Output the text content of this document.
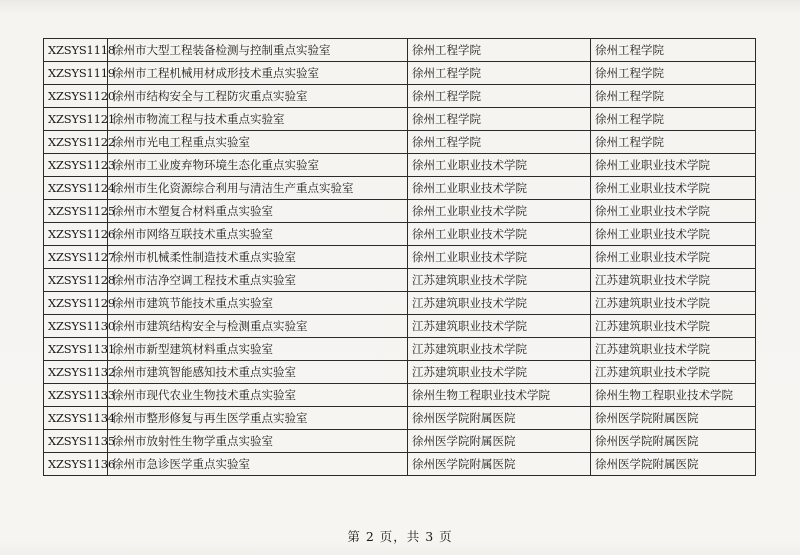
XZSYS1118	徐州市大型工程装备检测与控制重点实验室	徐州工程学院	徐州工程学院
XZSYS1119	徐州市工程机械用材成形技术重点实验室	徐州工程学院	徐州工程学院
XZSYS1120	徐州市结构安全与工程防灾重点实验室	徐州工程学院	徐州工程学院
XZSYS1121	徐州市物流工程与技术重点实验室	徐州工程学院	徐州工程学院
XZSYS1122	徐州市光电工程重点实验室	徐州工程学院	徐州工程学院
XZSYS1123	徐州市工业废弃物环境生态化重点实验室	徐州工业职业技术学院	徐州工业职业技术学院
XZSYS1124	徐州市生化资源综合利用与清洁生产重点实验室	徐州工业职业技术学院	徐州工业职业技术学院
XZSYS1125	徐州市木塑复合材料重点实验室	徐州工业职业技术学院	徐州工业职业技术学院
XZSYS1126	徐州市网络互联技术重点实验室	徐州工业职业技术学院	徐州工业职业技术学院
XZSYS1127	徐州市机械柔性制造技术重点实验室	徐州工业职业技术学院	徐州工业职业技术学院
XZSYS1128	徐州市洁净空调工程技术重点实验室	江苏建筑职业技术学院	江苏建筑职业技术学院
XZSYS1129	徐州市建筑节能技术重点实验室	江苏建筑职业技术学院	江苏建筑职业技术学院
XZSYS1130	徐州市建筑结构安全与检测重点实验室	江苏建筑职业技术学院	江苏建筑职业技术学院
XZSYS1131	徐州市新型建筑材料重点实验室	江苏建筑职业技术学院	江苏建筑职业技术学院
XZSYS1132	徐州市建筑智能感知技术重点实验室	江苏建筑职业技术学院	江苏建筑职业技术学院
XZSYS1133	徐州市现代农业生物技术重点实验室	徐州生物工程职业技术学院	徐州生物工程职业技术学院
XZSYS1134	徐州市整形修复与再生医学重点实验室	徐州医学院附属医院	徐州医学院附属医院
XZSYS1135	徐州市放射性生物学重点实验室	徐州医学院附属医院	徐州医学院附属医院
XZSYS1136	徐州市急诊医学重点实验室	徐州医学院附属医院	徐州医学院附属医院
第 2 页，共 3 页
